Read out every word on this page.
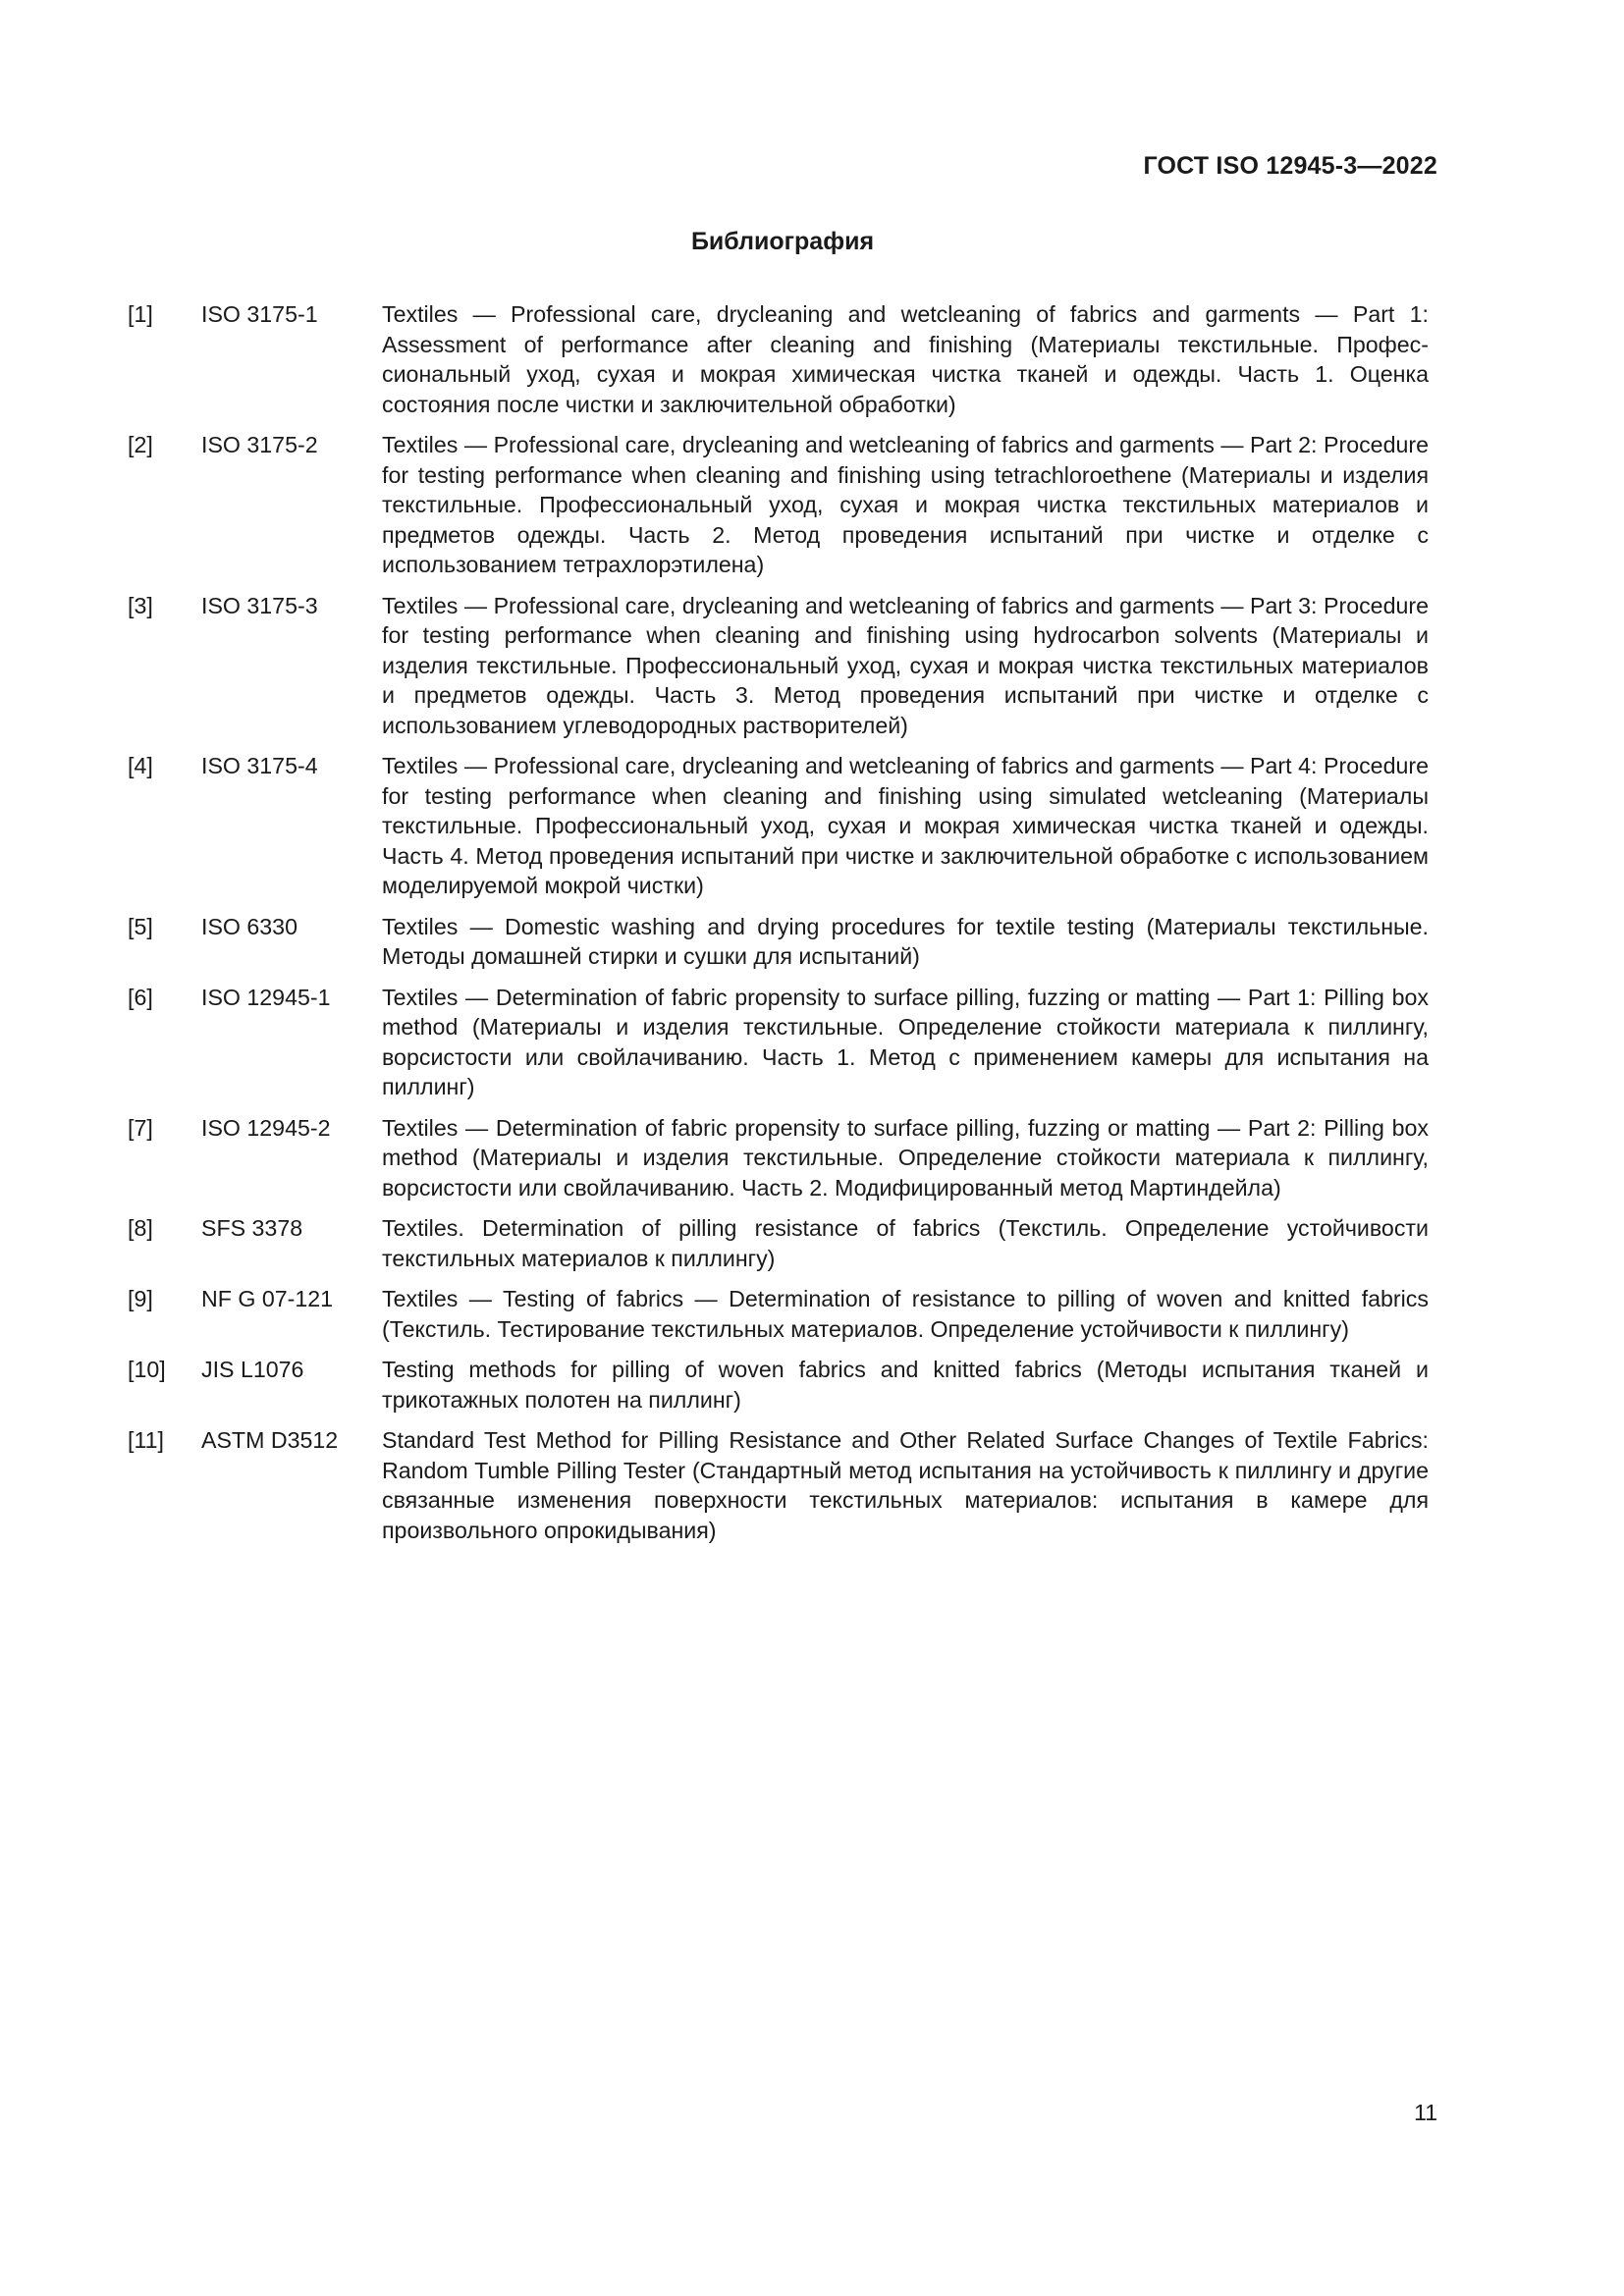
ГОСТ ISO 12945-3—2022
Библиография
[1]	ISO 3175-1	Textiles — Professional care, drycleaning and wetcleaning of fabrics and garments — Part 1: Assessment of performance after cleaning and finishing (Материалы текстильные. Профессиональный уход, сухая и мокрая химическая чистка тканей и одежды. Часть 1. Оценка состояния после чистки и заключительной обработки)
[2]	ISO 3175-2	Textiles — Professional care, drycleaning and wetcleaning of fabrics and garments — Part 2: Procedure for testing performance when cleaning and finishing using tetrachloroethene (Материалы и изделия текстильные. Профессиональный уход, сухая и мокрая чистка текстильных материалов и предметов одежды. Часть 2. Метод проведения испытаний при чистке и отделке с использованием тетрахлорэтилена)
[3]	ISO 3175-3	Textiles — Professional care, drycleaning and wetcleaning of fabrics and garments — Part 3: Procedure for testing performance when cleaning and finishing using hydrocarbon solvents (Материалы и изделия текстильные. Профессиональный уход, сухая и мокрая чистка текстильных материалов и предметов одежды. Часть 3. Метод проведения испытаний при чистке и отделке с использованием углеводородных растворителей)
[4]	ISO 3175-4	Textiles — Professional care, drycleaning and wetcleaning of fabrics and garments — Part 4: Procedure for testing performance when cleaning and finishing using simulated wetcleaning (Материалы текстильные. Профессиональный уход, сухая и мокрая химическая чистка тканей и одежды. Часть 4. Метод проведения испытаний при чистке и заключительной обработке с использованием моделируемой мокрой чистки)
[5]	ISO 6330	Textiles — Domestic washing and drying procedures for textile testing (Материалы текстильные. Методы домашней стирки и сушки для испытаний)
[6]	ISO 12945-1	Textiles — Determination of fabric propensity to surface pilling, fuzzing or matting — Part 1: Pilling box method (Материалы и изделия текстильные. Определение стойкости материала к пиллингу, ворсистости или свойлачиванию. Часть 1. Метод с применением камеры для испытания на пиллинг)
[7]	ISO 12945-2	Textiles — Determination of fabric propensity to surface pilling, fuzzing or matting — Part 2: Pilling box method (Материалы и изделия текстильные. Определение стойкости материала к пиллингу, ворсистости или свойлачиванию. Часть 2. Модифицированный метод Мартиндейла)
[8]	SFS 3378	Textiles. Determination of pilling resistance of fabrics (Текстиль. Определение устойчивости текстильных материалов к пиллингу)
[9]	NF G 07-121	Textiles — Testing of fabrics — Determination of resistance to pilling of woven and knitted fabrics (Текстиль. Тестирование текстильных материалов. Определение устойчивости к пиллингу)
[10]	JIS L1076	Testing methods for pilling of woven fabrics and knitted fabrics (Методы испытания тканей и трикотажных полотен на пиллинг)
[11]	ASTM D3512	Standard Test Method for Pilling Resistance and Other Related Surface Changes of Textile Fabrics: Random Tumble Pilling Tester (Стандартный метод испытания на устойчивость к пиллингу и другие связанные изменения поверхности текстильных материалов: испытания в камере для произвольного опрокидывания)
11
